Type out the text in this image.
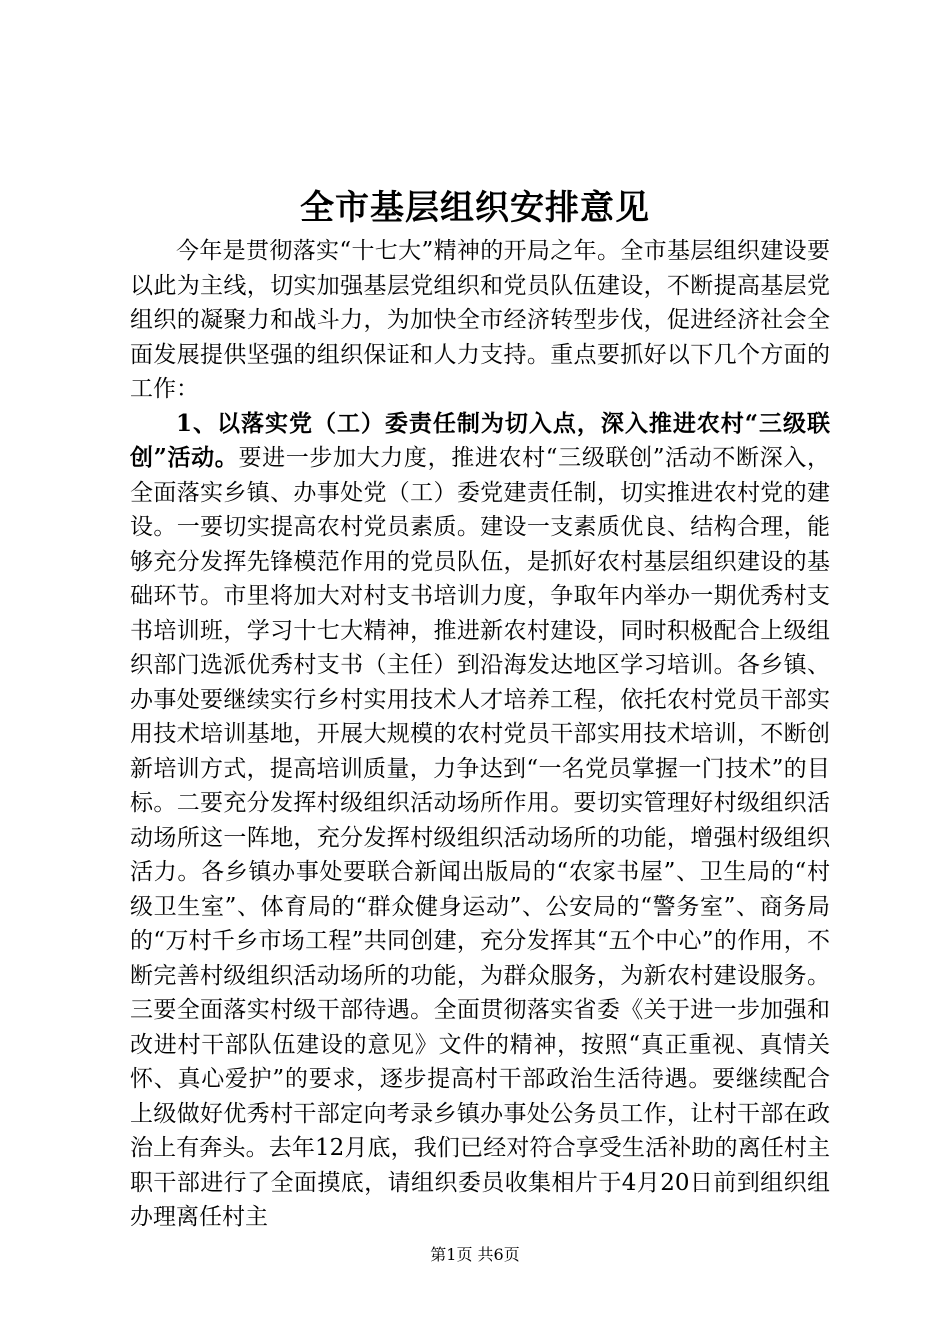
全市基层组织安排意见

今年是贯彻落实“十七大”精神的开局之年。全市基层组织建设要以此为主线，切实加强基层党组织和党员队伍建设，不断提高基层党组织的凝聚力和战斗力，为加快全市经济转型步伐，促进经济社会全面发展提供坚强的组织保证和人力支持。重点要抓好以下几个方面的工作：

1、以落实党（工）委责任制为切入点，深入推进农村“三级联创”活动。要进一步加大力度，推进农村“三级联创”活动不断深入，全面落实乡镇、办事处党（工）委党建责任制，切实推进农村党的建设。一要切实提高农村党员素质。建设一支素质优良、结构合理，能够充分发挥先锋模范作用的党员队伍，是抓好农村基层组织建设的基础环节。市里将加大对村支书培训力度，争取年内举办一期优秀村支书培训班，学习十七大精神，推进新农村建设，同时积极配合上级组织部门选派优秀村支书（主任）到沿海发达地区学习培训。各乡镇、办事处要继续实行乡村实用技术人才培养工程，依托农村党员干部实用技术培训基地，开展大规模的农村党员干部实用技术培训，不断创新培训方式，提高培训质量，力争达到“一名党员掌握一门技术”的目标。二要充分发挥村级组织活动场所作用。要切实管理好村级组织活动场所这一阵地，充分发挥村级组织活动场所的功能，增强村级组织活力。各乡镇办事处要联合新闻出版局的“农家书屋”、卫生局的“村级卫生室”、体育局的“群众健身运动”、公安局的“警务室”、商务局的“万村千乡市场工程”共同创建，充分发挥其“五个中心”的作用，不断完善村级组织活动场所的功能，为群众服务，为新农村建设服务。三要全面落实村级干部待遇。全面贯彻落实省委《关于进一步加强和改进村干部队伍建设的意见》文件的精神，按照“真正重视、真情关怀、真心爱护”的要求，逐步提高村干部政治生活待遇。要继续配合上级做好优秀村干部定向考录乡镇办事处公务员工作，让村干部在政治上有奔头。去年12月底，我们已经对符合享受生活补助的离任村主职干部进行了全面摸底，请组织委员收集相片于4月20日前到组织组办理离任村主

第1页 共6页
